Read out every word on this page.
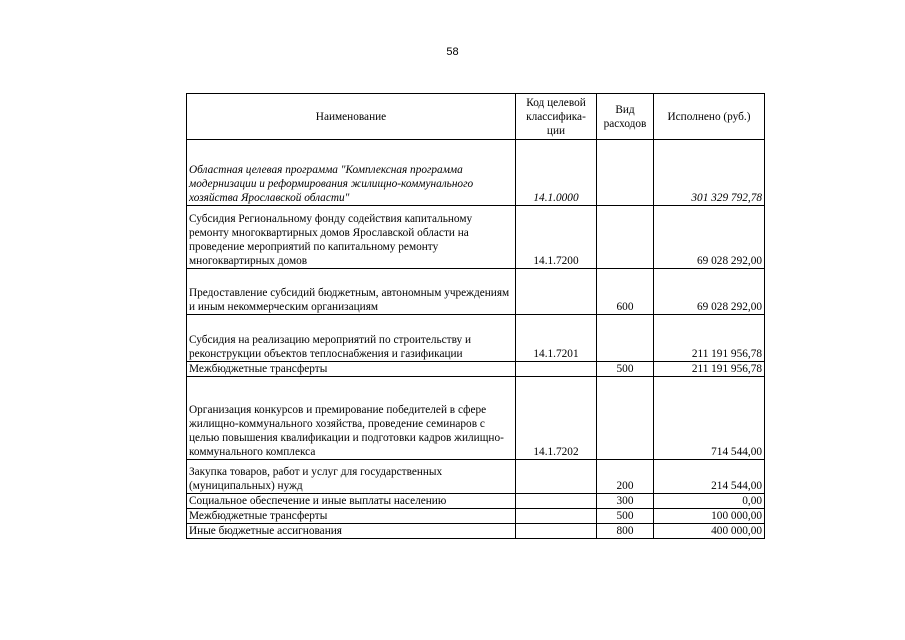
58
Наименование	Код целевой классифика-ции	Вид расходов	Исполнено (руб.)
Областная целевая программа "Комплексная программа модернизации и реформирования жилищно-коммунального хозяйства Ярославской области"	14.1.0000		301 329 792,78
Субсидия Региональному фонду содействия капитальному ремонту многоквартирных домов Ярославской области на проведение мероприятий по капитальному ремонту многоквартирных домов	14.1.7200		69 028 292,00
Предоставление субсидий бюджетным, автономным учреждениям и иным некоммерческим организациям		600	69 028 292,00
Субсидия на реализацию мероприятий по строительству и реконструкции объектов теплоснабжения и газификации	14.1.7201		211 191 956,78
Межбюджетные трансферты		500	211 191 956,78
Организация конкурсов и премирование победителей в сфере жилищно-коммунального хозяйства, проведение семинаров с целью повышения квалификации и подготовки кадров жилищно-коммунального комплекса	14.1.7202		714 544,00
Закупка товаров, работ и услуг для государственных (муниципальных) нужд		200	214 544,00
Социальное обеспечение и иные выплаты населению		300	0,00
Межбюджетные трансферты		500	100 000,00
Иные бюджетные ассигнования		800	400 000,00
